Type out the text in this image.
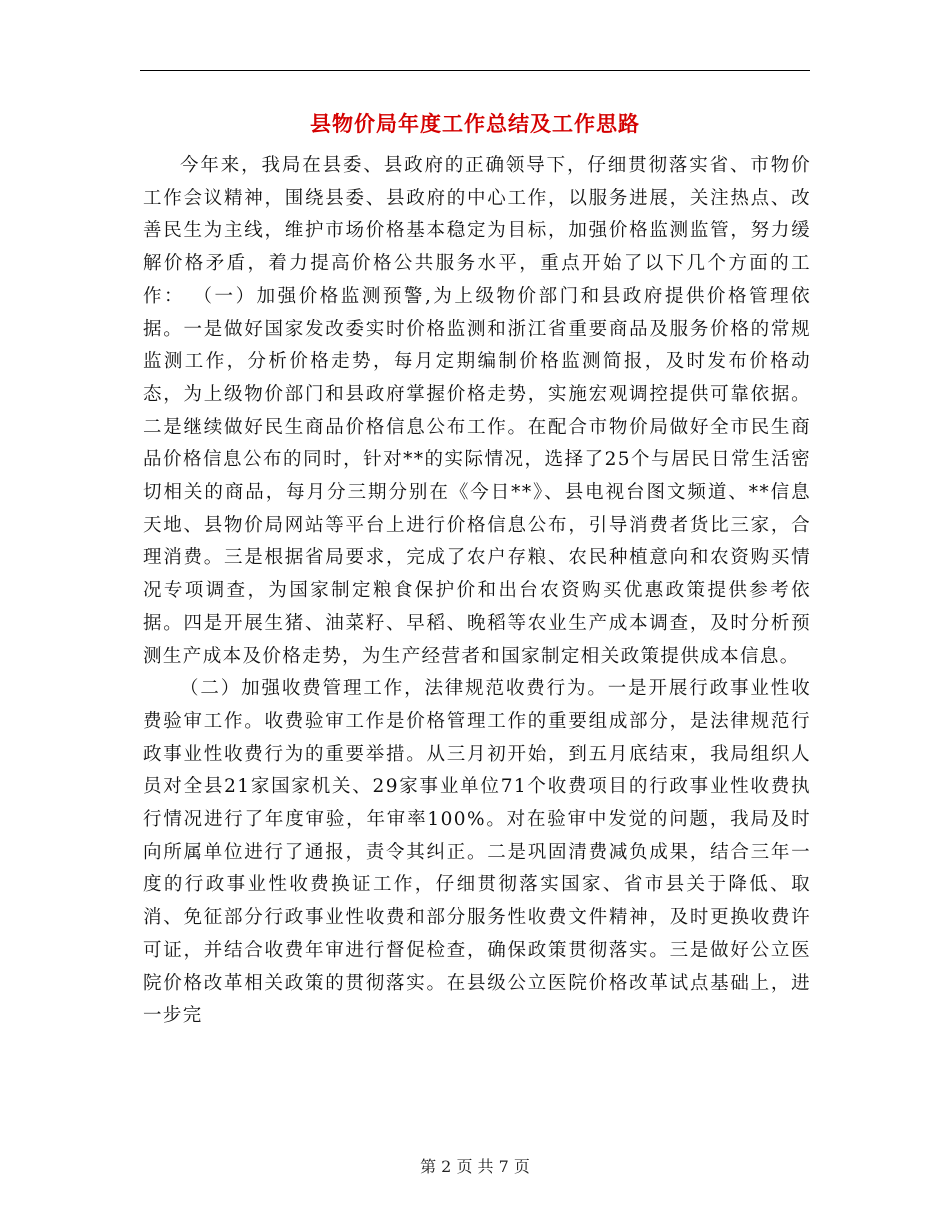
县物价局年度工作总结及工作思路

今年来，我局在县委、县政府的正确领导下，仔细贯彻落实省、市物价工作会议精神，围绕县委、县政府的中心工作，以服务进展，关注热点、改善民生为主线，维护市场价格基本稳定为目标，加强价格监测监管，努力缓解价格矛盾，着力提高价格公共服务水平，重点开始了以下几个方面的工作： （一）加强价格监测预警,为上级物价部门和县政府提供价格管理依据。一是做好国家发改委实时价格监测和浙江省重要商品及服务价格的常规监测工作，分析价格走势，每月定期编制价格监测简报，及时发布价格动态，为上级物价部门和县政府掌握价格走势，实施宏观调控提供可靠依据。二是继续做好民生商品价格信息公布工作。在配合市物价局做好全市民生商品价格信息公布的同时，针对**的实际情况，选择了25个与居民日常生活密切相关的商品，每月分三期分别在《今日**》、县电视台图文频道、**信息天地、县物价局网站等平台上进行价格信息公布，引导消费者货比三家，合理消费。三是根据省局要求，完成了农户存粮、农民种植意向和农资购买情况专项调查，为国家制定粮食保护价和出台农资购买优惠政策提供参考依据。四是开展生猪、油菜籽、早稻、晚稻等农业生产成本调查，及时分析预测生产成本及价格走势，为生产经营者和国家制定相关政策提供成本信息。

（二）加强收费管理工作，法律规范收费行为。一是开展行政事业性收费验审工作。收费验审工作是价格管理工作的重要组成部分，是法律规范行政事业性收费行为的重要举措。从三月初开始，到五月底结束，我局组织人员对全县21家国家机关、29家事业单位71个收费项目的行政事业性收费执行情况进行了年度审验，年审率100%。对在验审中发觉的问题，我局及时向所属单位进行了通报，责令其纠正。二是巩固清费减负成果，结合三年一度的行政事业性收费换证工作，仔细贯彻落实国家、省市县关于降低、取消、免征部分行政事业性收费和部分服务性收费文件精神，及时更换收费许可证，并结合收费年审进行督促检查，确保政策贯彻落实。三是做好公立医院价格改革相关政策的贯彻落实。在县级公立医院价格改革试点基础上，进一步完

第 2 页 共 7 页
